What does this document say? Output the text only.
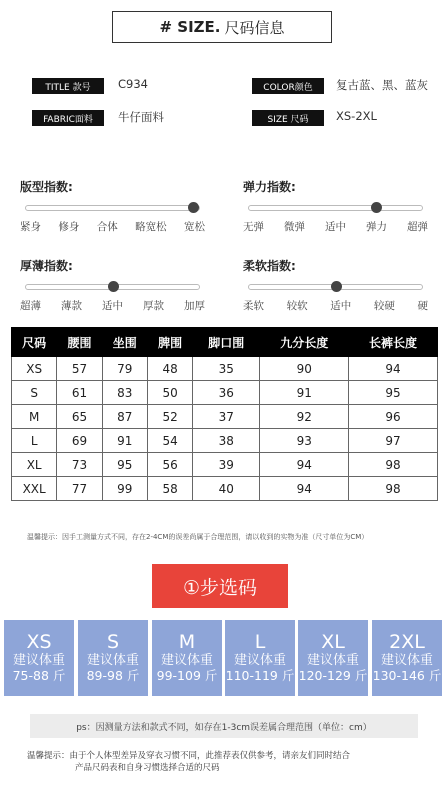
# SIZE. 尺码信息
TITLE 款号	C934	COLOR颜色	复古蓝、黑、蓝灰
FABRIC面料	牛仔面料	SIZE 尺码	XS-2XL
版型指数:
紧身 修身 合体 略宽松 宽松
弹力指数:
无弹 微弹 适中 弹力 超弹
厚薄指数:
超薄 薄款 适中 厚款 加厚
柔软指数:
柔软 较软 适中 较硬 硬
尺码	腰围	坐围	脾围	脚口围	九分长度	长裤长度
XS	57	79	48	35	90	94
S	61	83	50	36	91	95
M	65	87	52	37	92	96
L	69	91	54	38	93	97
XL	73	95	56	39	94	98
XXL	77	99	58	40	94	98
温馨提示：因手工测量方式不同，存在2-4CM的误差尚属于合理范围，请以收到的实物为准（尺寸单位为CM）
①步选码
XS
建议体重
75-88 斤
S
建议体重
89-98 斤
M
建议体重
99-109 斤
L
建议体重
110-119 斤
XL
建议体重
120-129 斤
2XL
建议体重
130-146 斤
ps：因测量方法和款式不同，如存在1-3cm误差属合理范围（单位：cm）
温馨提示：由于个人体型差异及穿衣习惯不同，此推荐表仅供参考，请亲友们同时结合
产品尺码表和自身习惯选择合适的尺码
